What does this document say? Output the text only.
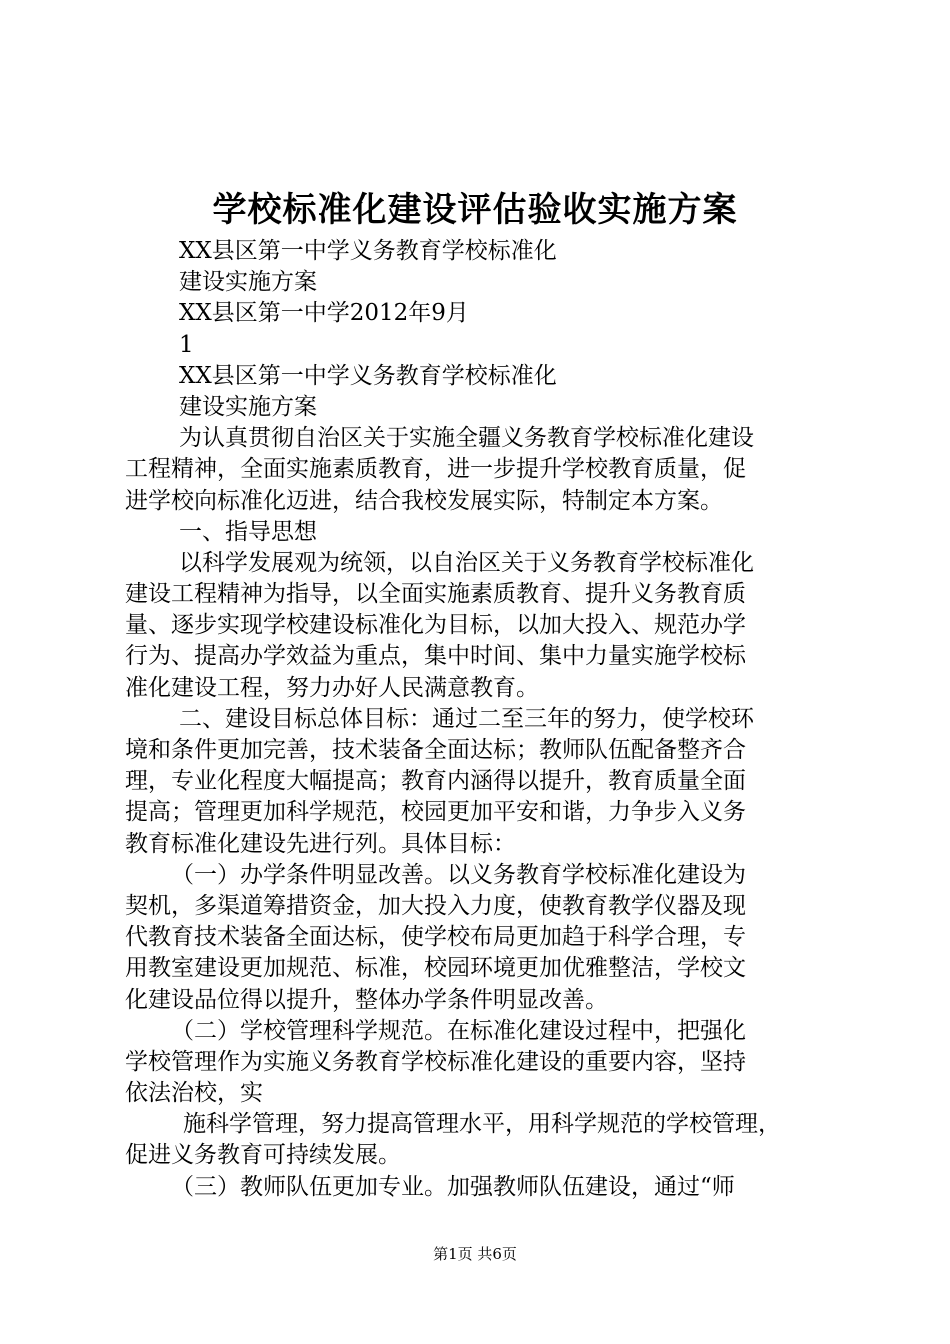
学校标准化建设评估验收实施方案
XX县区第一中学义务教育学校标准化
建设实施方案
XX县区第一中学2012年9月
1
XX县区第一中学义务教育学校标准化
建设实施方案
为认真贯彻自治区关于实施全疆义务教育学校标准化建设
工程精神，全面实施素质教育，进一步提升学校教育质量，促
进学校向标准化迈进，结合我校发展实际，特制定本方案。
一、指导思想
以科学发展观为统领，以自治区关于义务教育学校标准化
建设工程精神为指导，以全面实施素质教育、提升义务教育质
量、逐步实现学校建设标准化为目标，以加大投入、规范办学
行为、提高办学效益为重点，集中时间、集中力量实施学校标
准化建设工程，努力办好人民满意教育。
二、建设目标总体目标：通过二至三年的努力，使学校环
境和条件更加完善，技术装备全面达标；教师队伍配备整齐合
理，专业化程度大幅提高；教育内涵得以提升，教育质量全面
提高；管理更加科学规范，校园更加平安和谐，力争步入义务
教育标准化建设先进行列。具体目标：
（一）办学条件明显改善。以义务教育学校标准化建设为
契机，多渠道筹措资金，加大投入力度，使教育教学仪器及现
代教育技术装备全面达标，使学校布局更加趋于科学合理，专
用教室建设更加规范、标准，校园环境更加优雅整洁，学校文
化建设品位得以提升，整体办学条件明显改善。
（二）学校管理科学规范。在标准化建设过程中，把强化
学校管理作为实施义务教育学校标准化建设的重要内容，坚持
依法治校，实
施科学管理，努力提高管理水平，用科学规范的学校管理，
促进义务教育可持续发展。
（三）教师队伍更加专业。加强教师队伍建设，通过“师
第1页 共6页
